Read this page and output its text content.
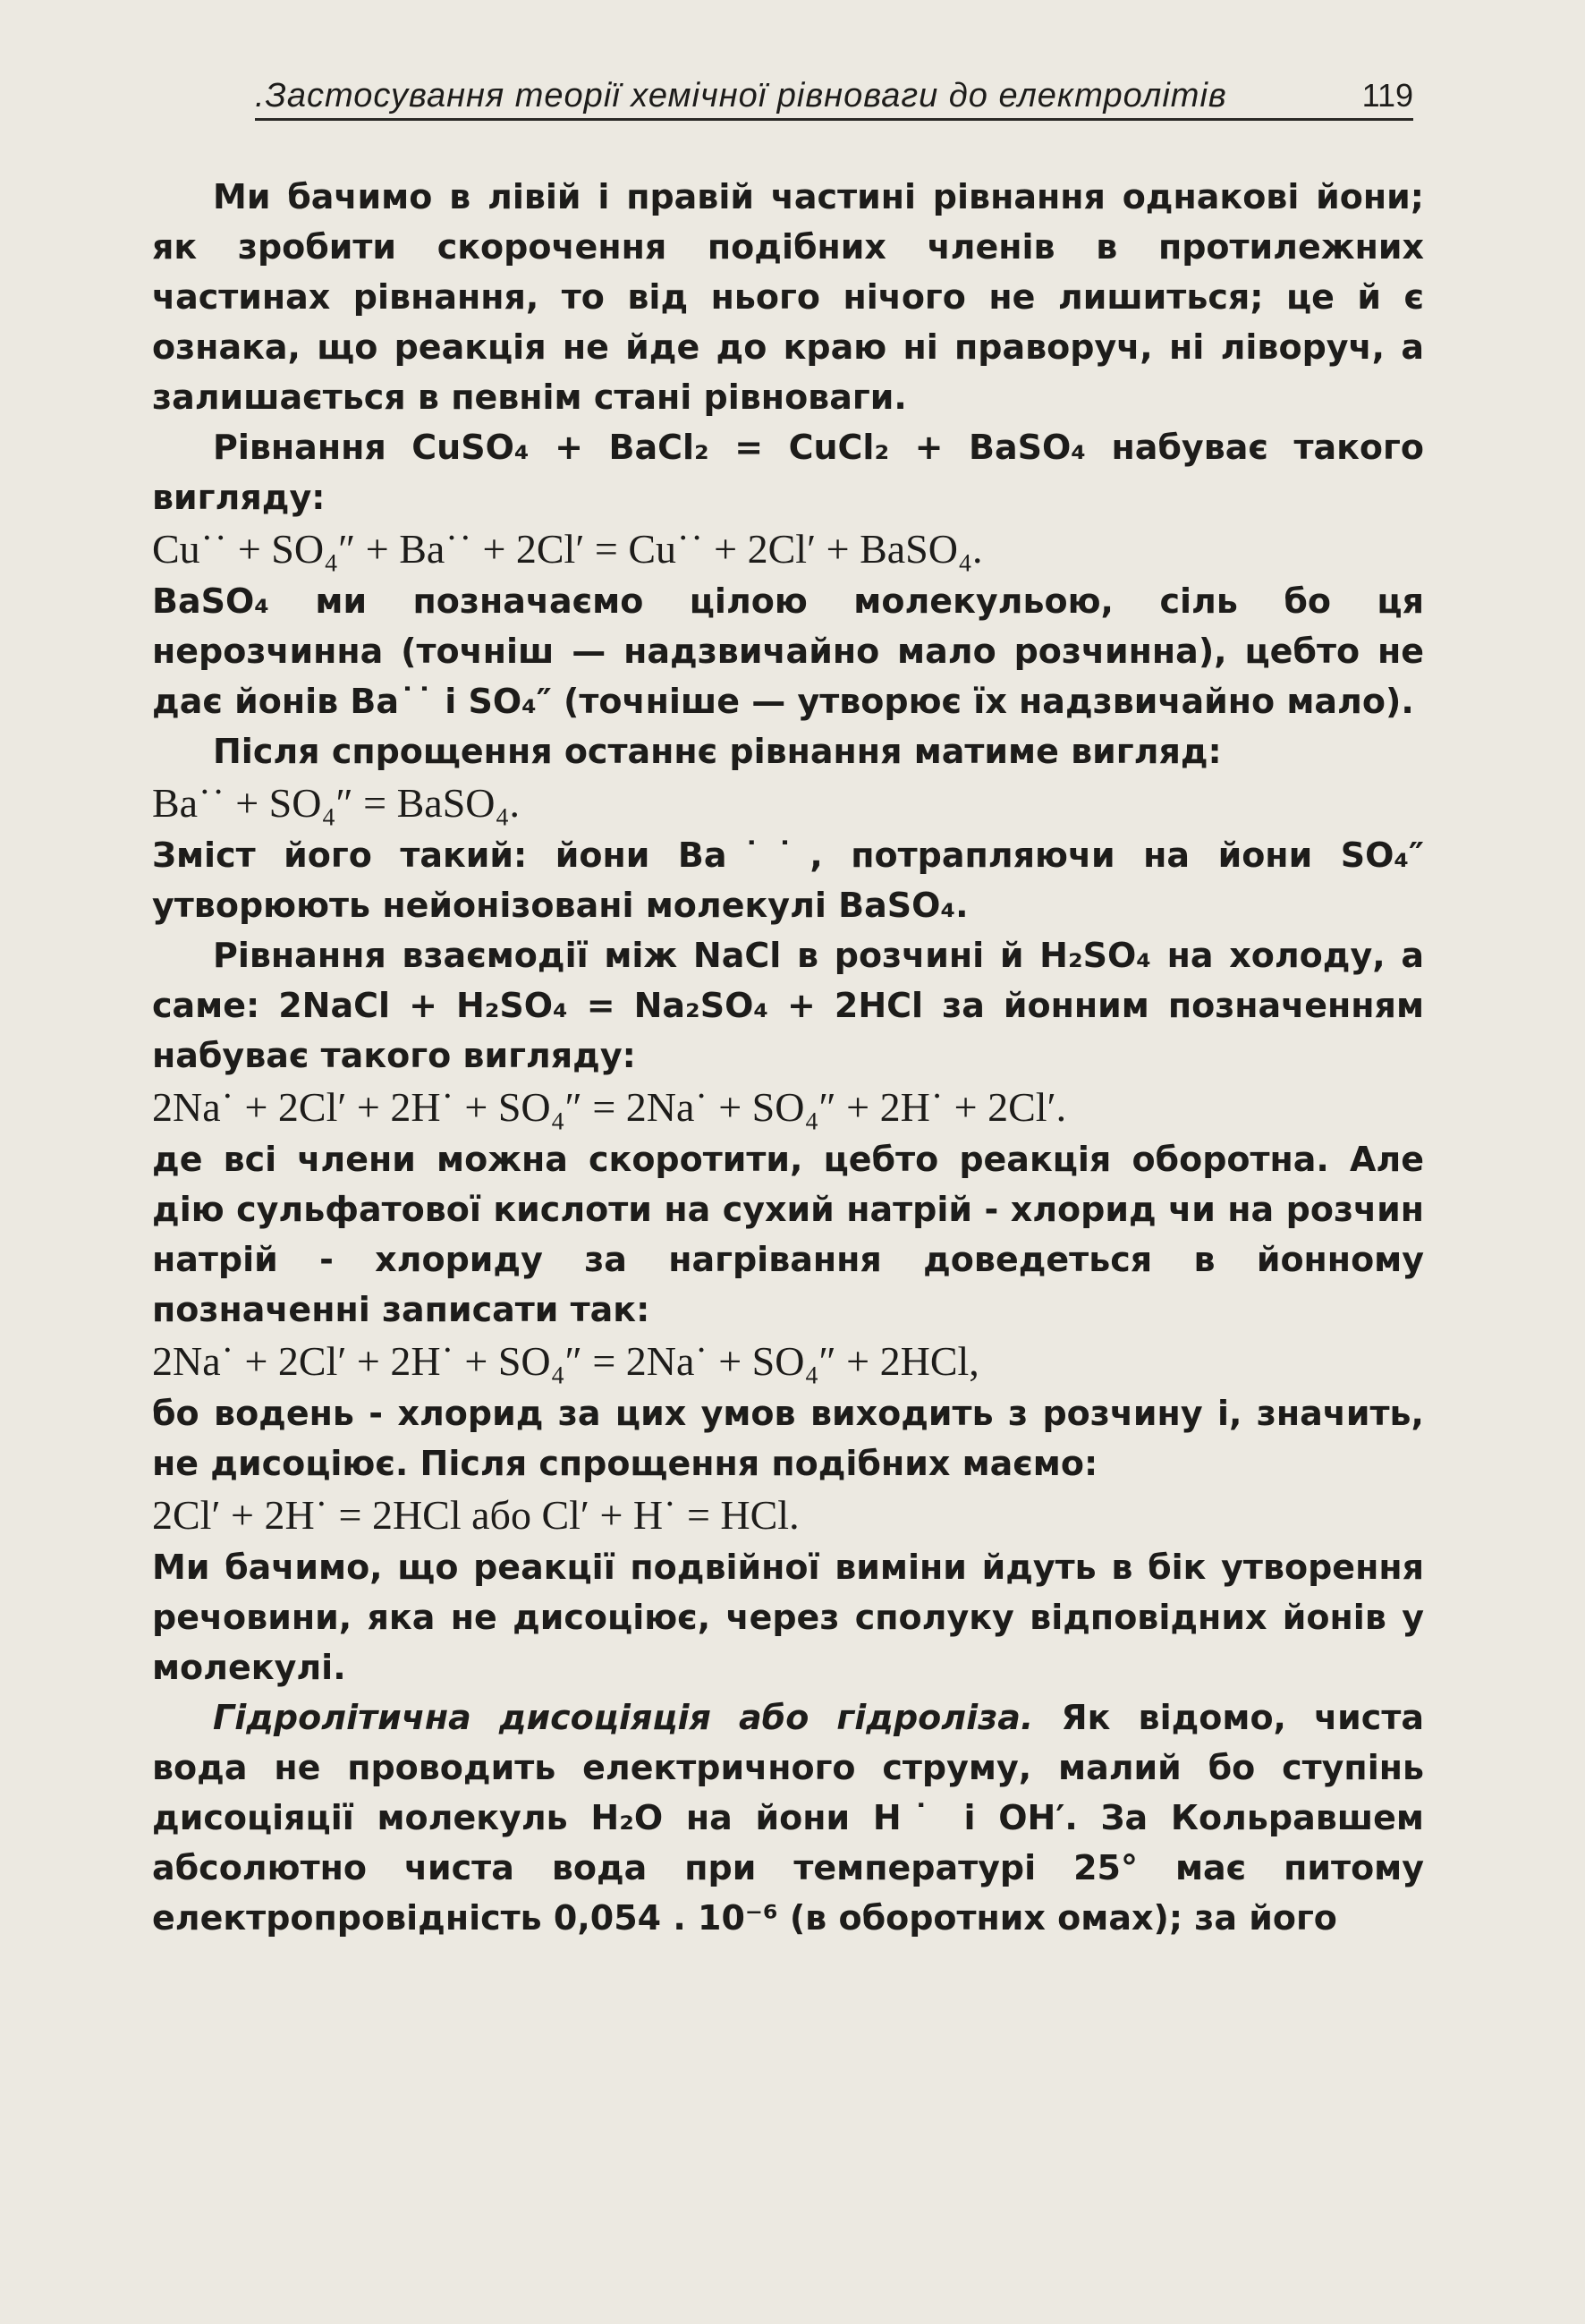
.Застосування теорії хемічної рівноваги до електролітів	119

Ми бачимо в лівій і правій частині рівнання однакові йони; як зробити скорочення подібних членів в протилежних частинах рівнання, то від нього нічого не лишиться; це й є ознака, що реакція не йде до краю ні праворуч, ні ліворуч, а залишається в певнім стані рівноваги.

Рівнання CuSO₄ + BaCl₂ = CuCl₂ + BaSO₄ набуває такого вигляду:

Cu˙˙ + SO₄″ + Ba˙˙ + 2Cl′ = Cu˙˙ + 2Cl′ + BaSO₄.

BaSO₄ ми позначаємо цілою молекульою, сіль бо ця нерозчинна (точніш — надзвичайно мало розчинна), цебто не дає йонів Ba˙˙ і SO₄″ (точніше — утворює їх надзвичайно мало).

Після спрощення останнє рівнання матиме вигляд:

Ba˙˙ + SO₄″ = BaSO₄.

Зміст його такий: йони Ba˙˙, потрапляючи на йони SO₄″ утворюють нейонізовані молекулі BaSO₄.

Рівнання взаємодії між NaCl в розчині й H₂SO₄ на холоду, а саме: 2NaCl + H₂SO₄ = Na₂SO₄ + 2HCl за йонним позначенням набуває такого вигляду:

2Na˙ + 2Cl′ + 2H˙ + SO₄″ = 2Na˙ + SO₄″ + 2H˙ + 2Cl′.

де всі члени можна скоротити, цебто реакція оборотна. Але дію сульфатової кислоти на сухий натрій - хлорид чи на розчин натрій - хлориду за нагрівання доведеться в йонному позначенні записати так:

2Na˙ + 2Cl′ + 2H˙ + SO₄″ = 2Na˙ + SO₄″ + 2HCl,

бо водень - хлорид за цих умов виходить з розчину і, значить, не дисоціює. Після спрощення подібних маємо:

2Cl′ + 2H˙ = 2HCl або Cl′ + H˙ = HCl.

Ми бачимо, що реакції подвійної виміни йдуть в бік утворення речовини, яка не дисоціює, через сполуку відповідних йонів у молекулі.

Гідролітична дисоціяція або гідроліза. Як відомо, чиста вода не проводить електричного струму, малий бо ступінь дисоціяції молекуль H₂O на йони H˙ і OH′. За Кольравшем абсолютно чиста вода при температурі 25° має питому електропровідність 0,054 . 10⁻⁶ (в оборотних омах); за його
